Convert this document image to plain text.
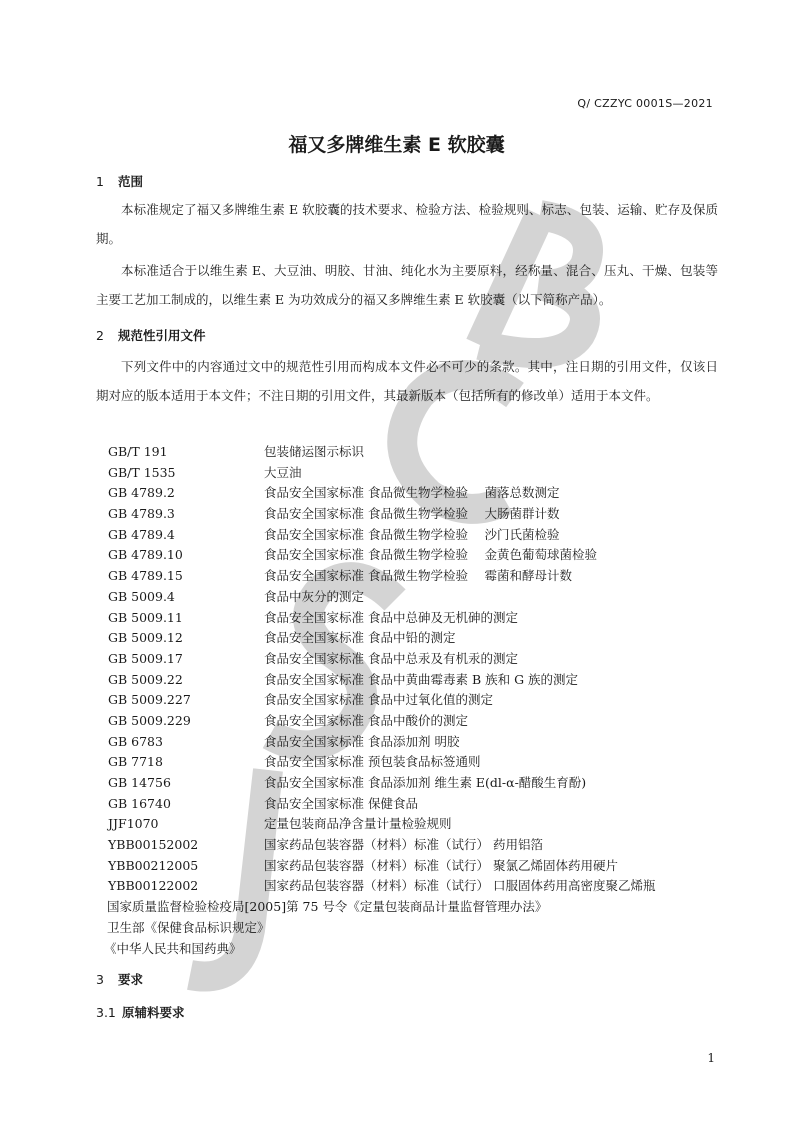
Q/ CZZYC 0001S—2021
福又多牌维生素 E 软胶囊
1 范围

本标准规定了福又多牌维生素 E 软胶囊的技术要求、检验方法、检验规则、标志、包装、运输、贮存及保质期。

本标准适合于以维生素 E、大豆油、明胶、甘油、纯化水为主要原料，经称量、混合、压丸、干燥、包装等主要工艺加工制成的，以维生素 E 为功效成分的福又多牌维生素 E 软胶囊（以下简称产品）。

2 规范性引用文件

下列文件中的内容通过文中的规范性引用而构成本文件必不可少的条款。其中，注日期的引用文件，仅该日期对应的版本适用于本文件；不注日期的引用文件，其最新版本（包括所有的修改单）适用于本文件。

GB/T 191	包装储运图示标识
GB/T 1535	大豆油
GB 4789.2	食品安全国家标准 食品微生物学检验　 菌落总数测定
GB 4789.3	食品安全国家标准 食品微生物学检验　 大肠菌群计数
GB 4789.4	食品安全国家标准 食品微生物学检验　 沙门氏菌检验
GB 4789.10	食品安全国家标准 食品微生物学检验　 金黄色葡萄球菌检验
GB 4789.15	食品安全国家标准 食品微生物学检验　 霉菌和酵母计数
GB 5009.4	食品中灰分的测定
GB 5009.11	食品安全国家标准 食品中总砷及无机砷的测定
GB 5009.12	食品安全国家标准 食品中铅的测定
GB 5009.17	食品安全国家标准 食品中总汞及有机汞的测定
GB 5009.22	食品安全国家标准 食品中黄曲霉毒素 B 族和 G 族的测定
GB 5009.227	食品安全国家标准 食品中过氧化值的测定
GB 5009.229	食品安全国家标准 食品中酸价的测定
GB 6783	食品安全国家标准 食品添加剂 明胶
GB 7718	食品安全国家标准 预包装食品标签通则
GB 14756	食品安全国家标准 食品添加剂 维生素 E(dl-α-醋酸生育酚)
GB 16740	食品安全国家标准 保健食品
JJF1070	定量包装商品净含量计量检验规则
YBB00152002	国家药品包装容器（材料）标准（试行） 药用铝箔
YBB00212005	国家药品包装容器（材料）标准（试行） 聚氯乙烯固体药用硬片
YBB00122002	国家药品包装容器（材料）标准（试行） 口服固体药用高密度聚乙烯瓶
国家质量监督检验检疫局[2005]第 75 号令《定量包装商品计量监督管理办法》
卫生部《保健食品标识规定》
《中华人民共和国药典》
3 要求
3.1 原辅料要求
1
